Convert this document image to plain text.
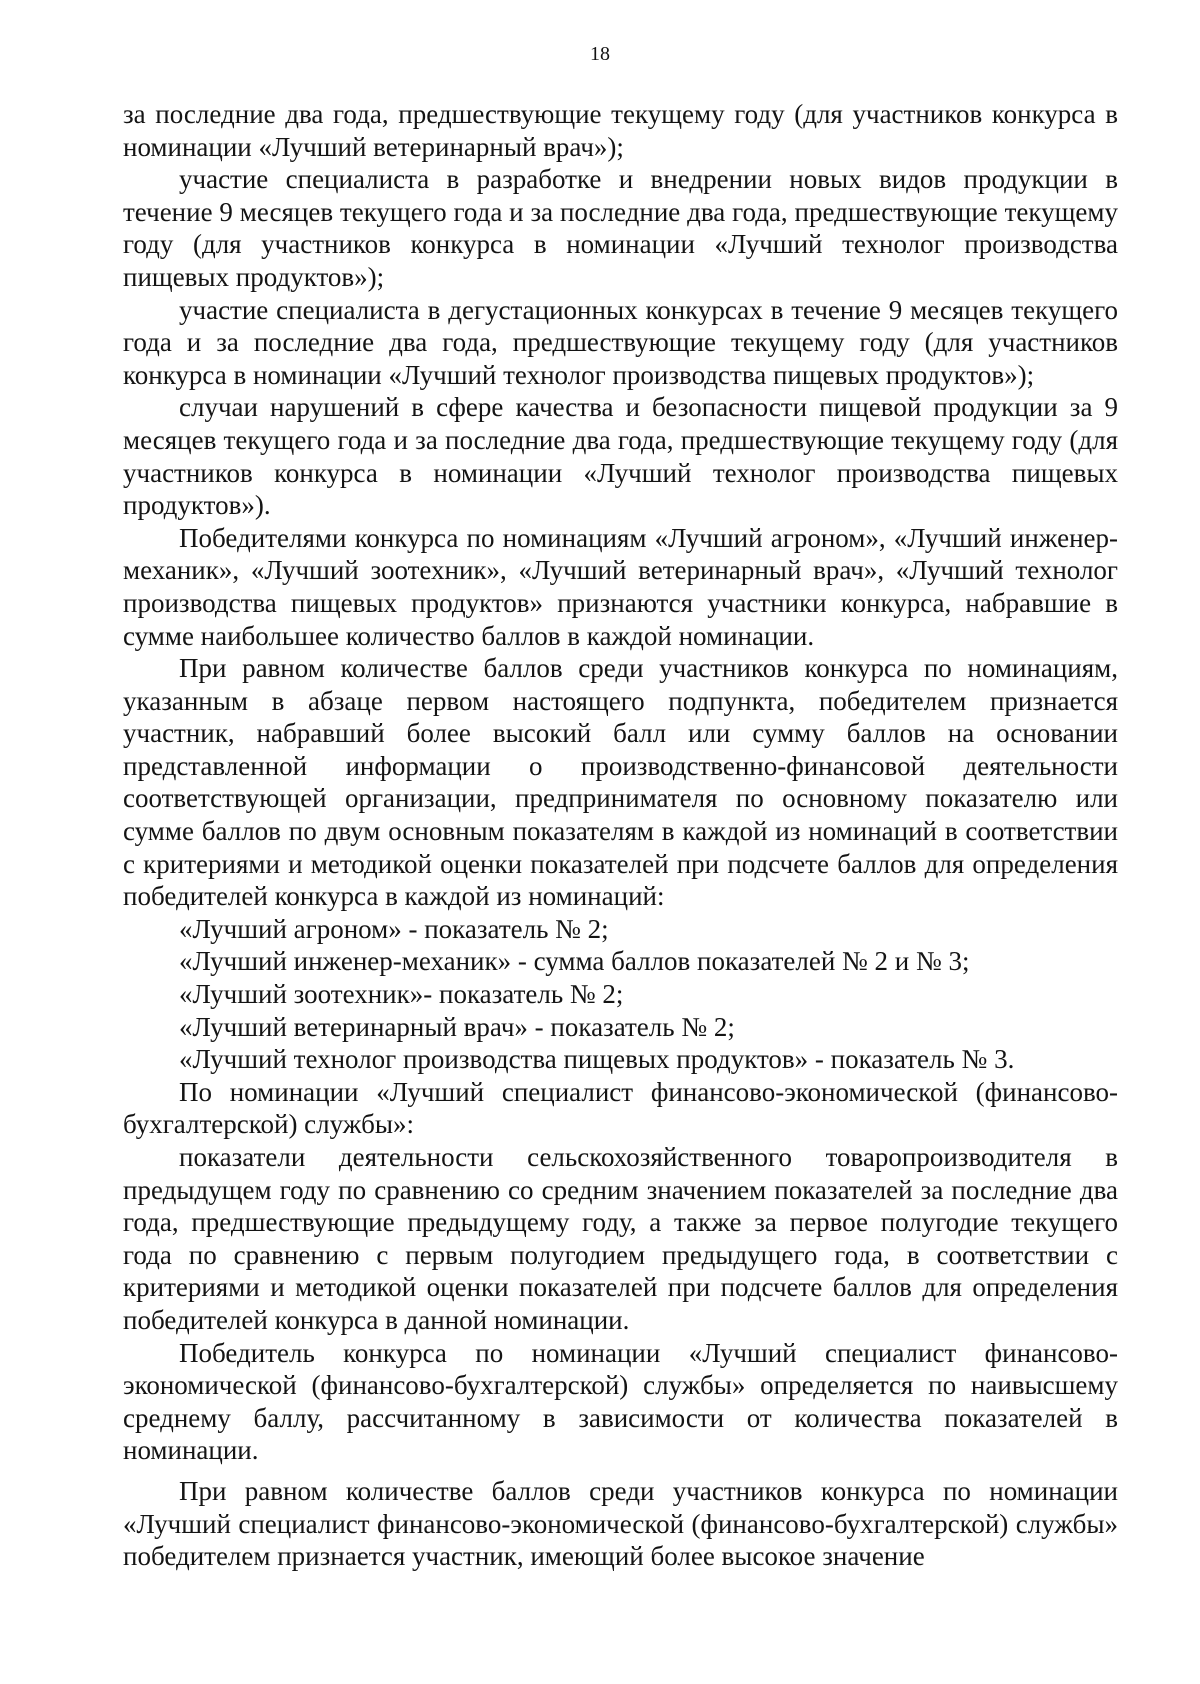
18

за последние два года, предшествующие текущему году (для участников конкурса в номинации «Лучший ветеринарный врач»);

участие специалиста в разработке и внедрении новых видов продукции в течение 9 месяцев текущего года и за последние два года, предшествующие текущему году (для участников конкурса в номинации «Лучший технолог производства пищевых продуктов»);

участие специалиста в дегустационных конкурсах в течение 9 месяцев текущего года и за последние два года, предшествующие текущему году (для участников конкурса в номинации «Лучший технолог производства пищевых продуктов»);

случаи нарушений в сфере качества и безопасности пищевой продукции за 9 месяцев текущего года и за последние два года, предшествующие текущему году (для участников конкурса в номинации «Лучший технолог производства пищевых продуктов»).

Победителями конкурса по номинациям «Лучший агроном», «Лучший инженер-механик», «Лучший зоотехник», «Лучший ветеринарный врач», «Лучший технолог производства пищевых продуктов» признаются участники конкурса, набравшие в сумме наибольшее количество баллов в каждой номинации.

При равном количестве баллов среди участников конкурса по номинациям, указанным в абзаце первом настоящего подпункта, победителем признается участник, набравший более высокий балл или сумму баллов на основании представленной информации о производственно-финансовой деятельности соответствующей организации, предпринимателя по основному показателю или сумме баллов по двум основным показателям в каждой из номинаций в соответствии с критериями и методикой оценки показателей при подсчете баллов для определения победителей конкурса в каждой из номинаций:

«Лучший агроном» - показатель № 2;

«Лучший инженер-механик» - сумма баллов показателей № 2 и № 3;

«Лучший зоотехник»- показатель № 2;

«Лучший ветеринарный врач» - показатель № 2;

«Лучший технолог производства пищевых продуктов» - показатель № 3.

По номинации «Лучший специалист финансово-экономической (финансово-бухгалтерской) службы»:

показатели деятельности сельскохозяйственного товаропроизводителя в предыдущем году по сравнению со средним значением показателей за последние два года, предшествующие предыдущему году, а также за первое полугодие текущего года по сравнению с первым полугодием предыдущего года, в соответствии с критериями и методикой оценки показателей при подсчете баллов для определения победителей конкурса в данной номинации.

Победитель конкурса по номинации «Лучший специалист финансово-экономической (финансово-бухгалтерской) службы» определяется по наивысшему среднему баллу, рассчитанному в зависимости от количества показателей в номинации.

При равном количестве баллов среди участников конкурса по номинации «Лучший специалист финансово-экономической (финансово-бухгалтерской) службы» победителем признается участник, имеющий более высокое значение
